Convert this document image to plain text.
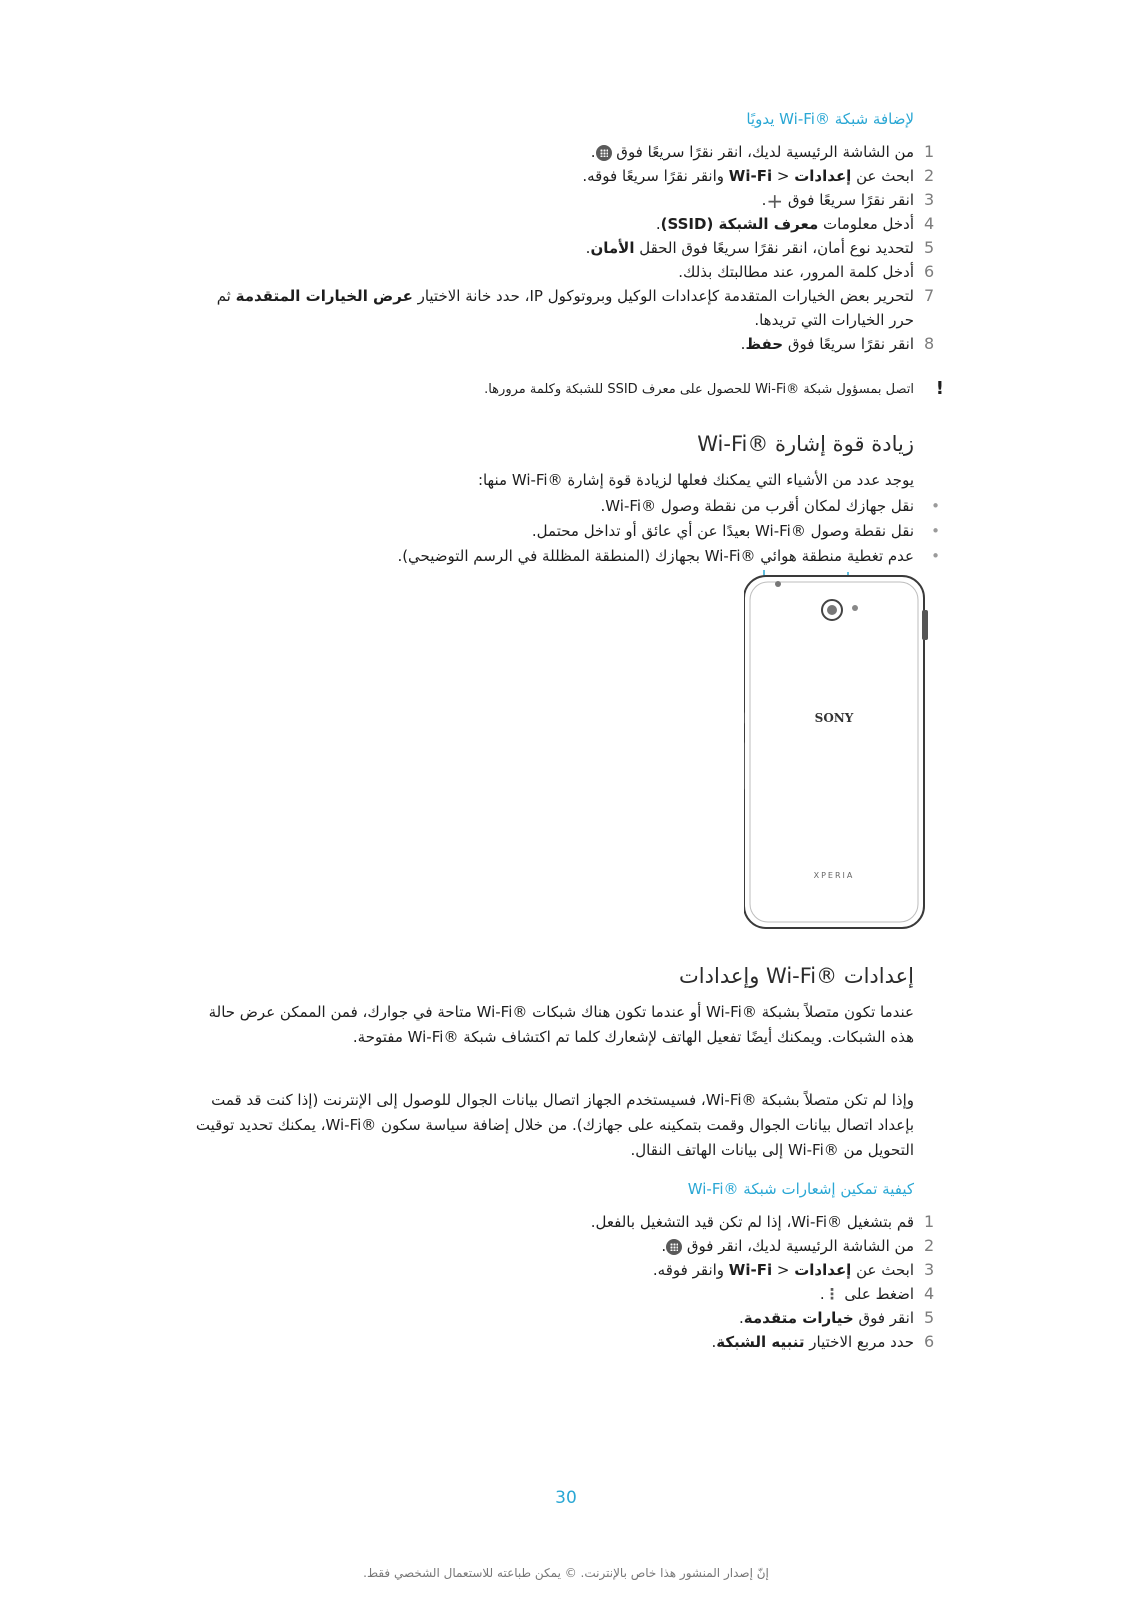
لإضافة شبكة ®Wi-Fi يدويًا
1
من الشاشة الرئيسية لديك، انقر نقرًا سريعًا فوق .
2
ابحث عن إعدادات < Wi-Fi وانقر نقرًا سريعًا فوقه.
3
انقر نقرًا سريعًا فوق +.
4
أدخل معلومات معرف الشبكة (SSID).
5
لتحديد نوع أمان، انقر نقرًا سريعًا فوق الحقل الأمان.
6
أدخل كلمة المرور، عند مطالبتك بذلك.
7
لتحرير بعض الخيارات المتقدمة كإعدادات الوكيل وبروتوكول IP، حدد خانة الاختيار عرض الخيارات المتقدمة ثم حرر الخيارات التي تريدها.
8
انقر نقرًا سريعًا فوق حفظ.
!
اتصل بمسؤول شبكة ®Wi-Fi للحصول على معرف SSID للشبكة وكلمة مرورها.
زيادة قوة إشارة ®Wi-Fi

يوجد عدد من الأشياء التي يمكنك فعلها لزيادة قوة إشارة ®Wi-Fi منها:

• نقل جهازك لمكان أقرب من نقطة وصول ®Wi-Fi.
• نقل نقطة وصول ®Wi-Fi بعيدًا عن أي عائق أو تداخل محتمل.
• عدم تغطية منطقة هوائي ®Wi-Fi بجهازك (المنطقة المظللة في الرسم التوضيحي).
SONY
XPERIA
إعدادات ®Wi-Fi وإعدادات

عندما تكون متصلاً بشبكة ®Wi-Fi أو عندما تكون هناك شبكات ®Wi-Fi متاحة في جوارك، فمن الممكن عرض حالة هذه الشبكات. ويمكنك أيضًا تفعيل الهاتف لإشعارك كلما تم اكتشاف شبكة ®Wi-Fi مفتوحة.

وإذا لم تكن متصلاً بشبكة ®Wi-Fi، فسيستخدم الجهاز اتصال بيانات الجوال للوصول إلى الإنترنت (إذا كنت قد قمت بإعداد اتصال بيانات الجوال وقمت بتمكينه على جهازك). من خلال إضافة سياسة سكون ®Wi-Fi، يمكنك تحديد توقيت التحويل من ®Wi-Fi إلى بيانات الهاتف النقال.

كيفية تمكين إشعارات شبكة ®Wi-Fi
1
قم بتشغيل ®Wi-Fi، إذا لم تكن قيد التشغيل بالفعل.
2
من الشاشة الرئيسية لديك، انقر فوق .
3
ابحث عن إعدادات < Wi-Fi وانقر فوقه.
4
اضغط على ⋮.
5
انقر فوق خيارات متقدمة.
6
حدد مربع الاختيار تنبيه الشبكة.
30
إنّ إصدار المنشور هذا خاص بالإنترنت. © يمكن طباعته للاستعمال الشخصي فقط.
